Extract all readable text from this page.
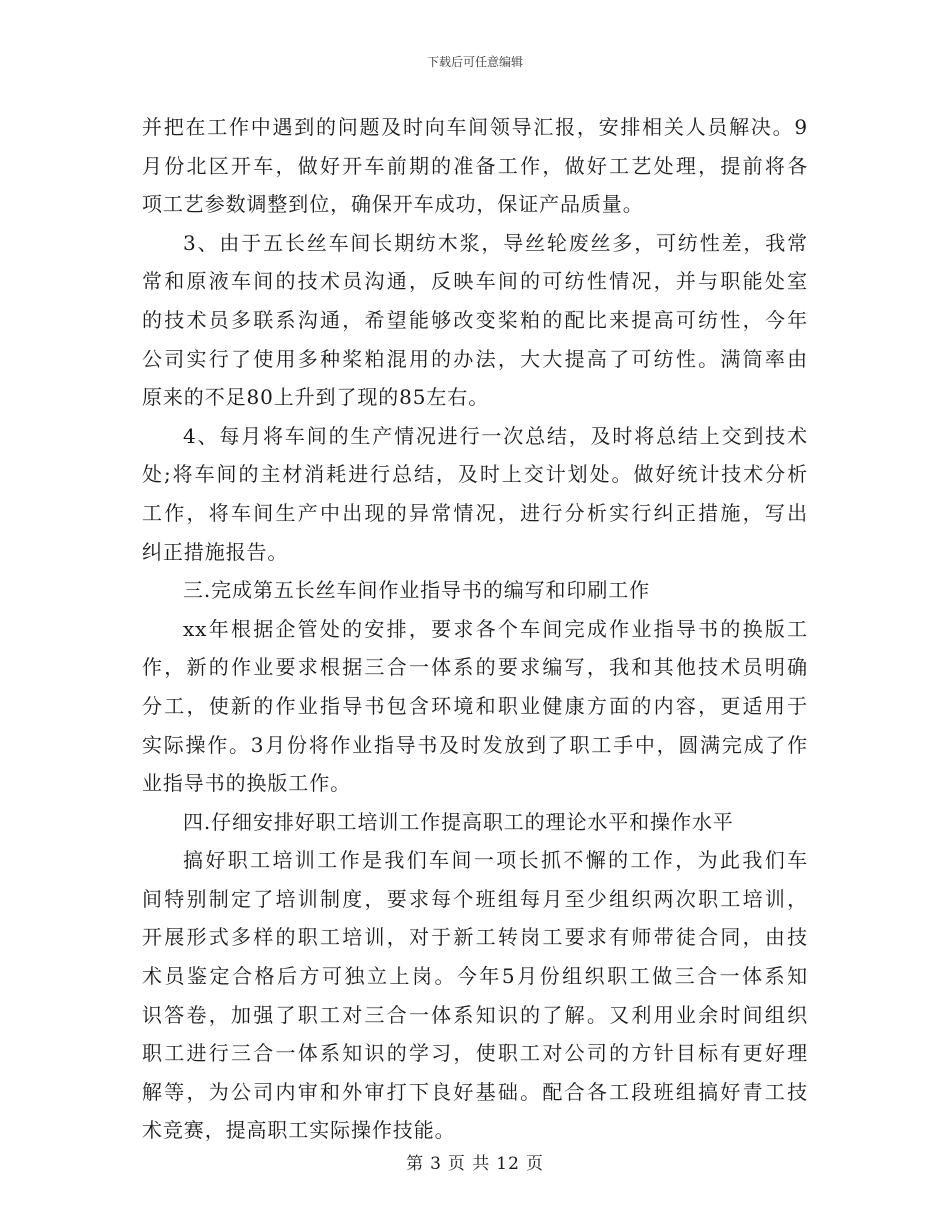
下载后可任意编辑
并把在工作中遇到的问题及时向车间领导汇报，安排相关人员解决。9
月份北区开车，做好开车前期的准备工作，做好工艺处理，提前将各
项工艺参数调整到位，确保开车成功，保证产品质量。
3、由于五长丝车间长期纺木浆，导丝轮废丝多，可纺性差，我常
常和原液车间的技术员沟通，反映车间的可纺性情况，并与职能处室
的技术员多联系沟通，希望能够改变桨粕的配比来提高可纺性，今年
公司实行了使用多种桨粕混用的办法，大大提高了可纺性。满筒率由
原来的不足80上升到了现的85左右。
4、每月将车间的生产情况进行一次总结，及时将总结上交到技术
处;将车间的主材消耗进行总结，及时上交计划处。做好统计技术分析
工作，将车间生产中出现的异常情况，进行分析实行纠正措施，写出
纠正措施报告。
三.完成第五长丝车间作业指导书的编写和印刷工作
xx年根据企管处的安排，要求各个车间完成作业指导书的换版工
作，新的作业要求根据三合一体系的要求编写，我和其他技术员明确
分工，使新的作业指导书包含环境和职业健康方面的内容，更适用于
实际操作。3月份将作业指导书及时发放到了职工手中，圆满完成了作
业指导书的换版工作。
四.仔细安排好职工培训工作提高职工的理论水平和操作水平
搞好职工培训工作是我们车间一项长抓不懈的工作，为此我们车
间特别制定了培训制度，要求每个班组每月至少组织两次职工培训，
开展形式多样的职工培训，对于新工转岗工要求有师带徒合同，由技
术员鉴定合格后方可独立上岗。今年5月份组织职工做三合一体系知
识答卷，加强了职工对三合一体系知识的了解。又利用业余时间组织
职工进行三合一体系知识的学习，使职工对公司的方针目标有更好理
解等，为公司内审和外审打下良好基础。配合各工段班组搞好青工技
术竞赛，提高职工实际操作技能。
第 3 页 共 12 页
